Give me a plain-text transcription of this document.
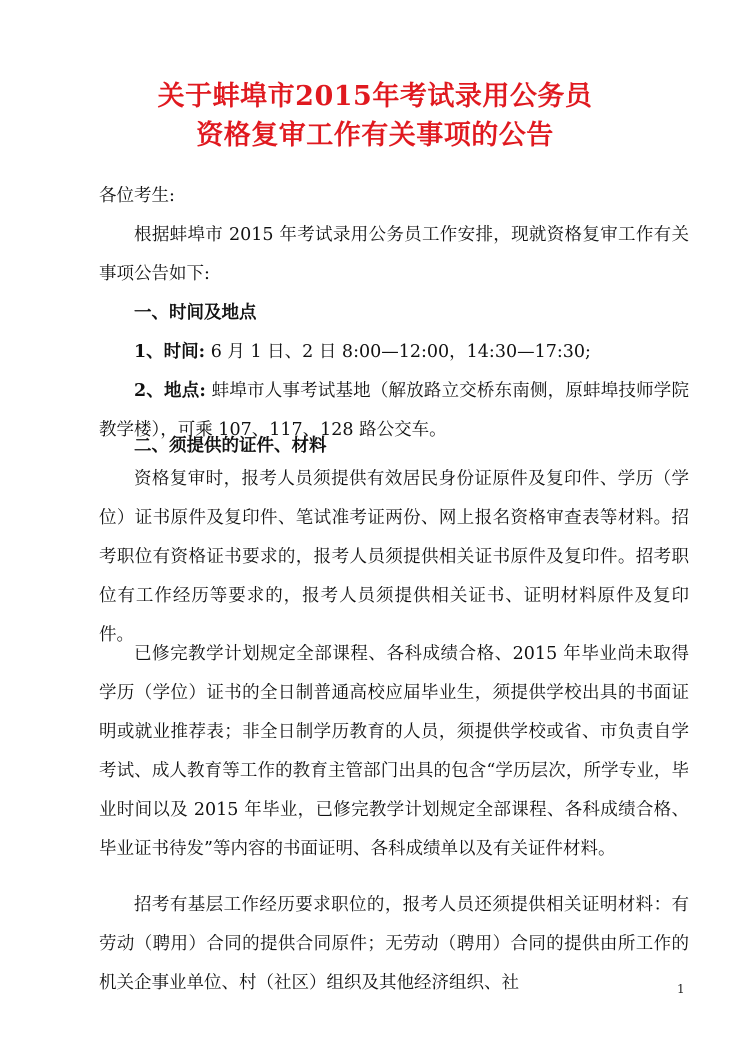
关于蚌埠市2015年考试录用公务员
资格复审工作有关事项的公告

各位考生:

根据蚌埠市 2015 年考试录用公务员工作安排，现就资格复审工作有关事项公告如下:

一、时间及地点
1、时间: 6 月 1 日、2 日 8:00—12:00，14:30—17:30;

2、地点: 蚌埠市人事考试基地（解放路立交桥东南侧，原蚌埠技师学院教学楼），可乘 107、117、128 路公交车。

二、须提供的证件、材料

资格复审时，报考人员须提供有效居民身份证原件及复印件、学历（学位）证书原件及复印件、笔试准考证两份、网上报名资格审查表等材料。招考职位有资格证书要求的，报考人员须提供相关证书原件及复印件。招考职位有工作经历等要求的，报考人员须提供相关证书、证明材料原件及复印件。

已修完教学计划规定全部课程、各科成绩合格、2015 年毕业尚未取得学历（学位）证书的全日制普通高校应届毕业生，须提供学校出具的书面证明或就业推荐表；非全日制学历教育的人员，须提供学校或省、市负责自学考试、成人教育等工作的教育主管部门出具的包含“学历层次，所学专业，毕业时间以及 2015 年毕业，已修完教学计划规定全部课程、各科成绩合格、毕业证书待发”等内容的书面证明、各科成绩单以及有关证件材料。

招考有基层工作经历要求职位的，报考人员还须提供相关证明材料：有劳动（聘用）合同的提供合同原件；无劳动（聘用）合同的提供由所工作的机关企事业单位、村（社区）组织及其他经济组织、社	1
